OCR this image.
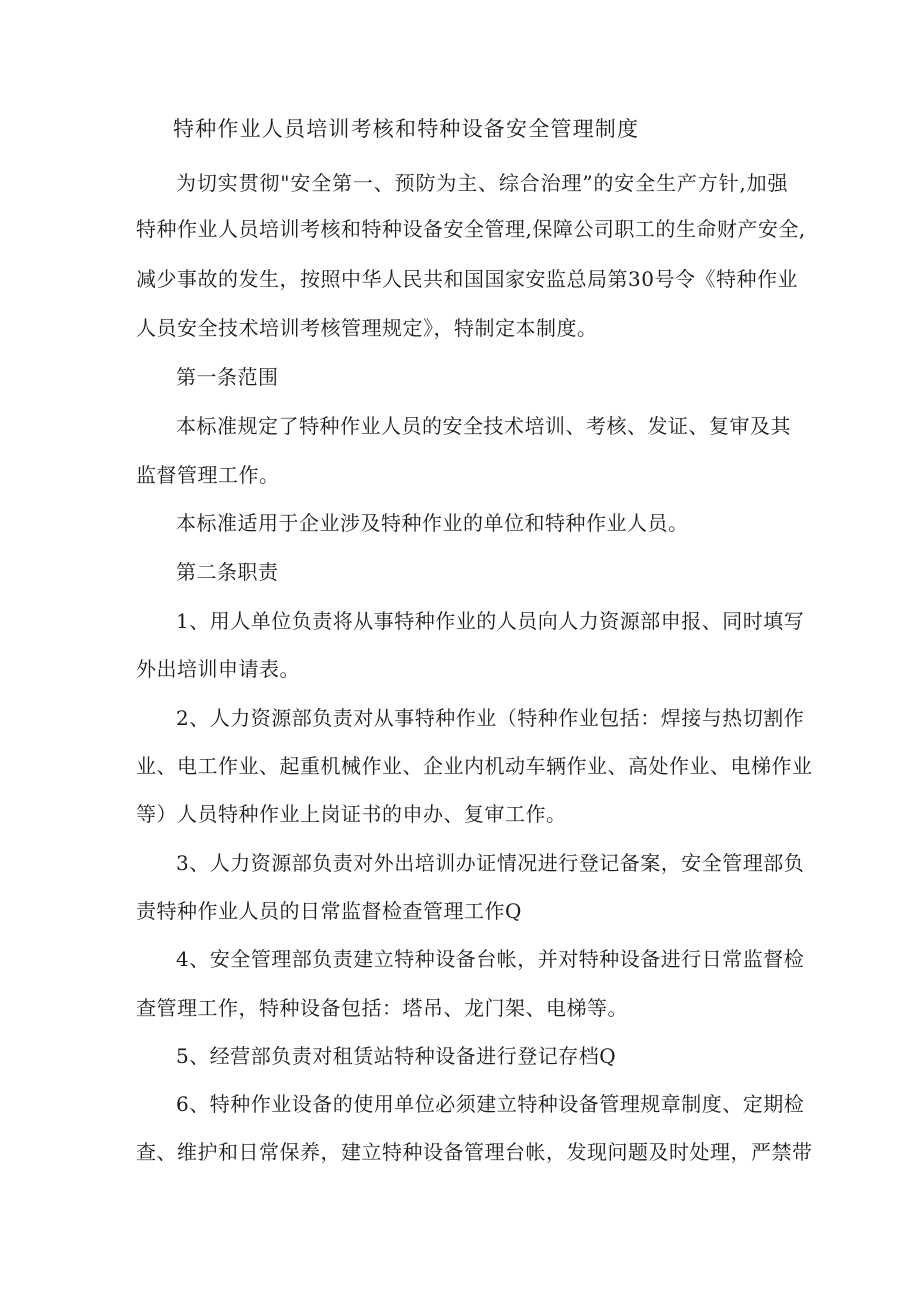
特种作业人员培训考核和特种设备安全管理制度
为切实贯彻"安全第一、预防为主、综合治理”的安全生产方针,加强
特种作业人员培训考核和特种设备安全管理,保障公司职工的生命财产安全,
减少事故的发生，按照中华人民共和国国家安监总局第30号令《特种作业
人员安全技术培训考核管理规定》，特制定本制度。
第一条范围
本标准规定了特种作业人员的安全技术培训、考核、发证、复审及其
监督管理工作。
本标准适用于企业涉及特种作业的单位和特种作业人员。
第二条职责
1、用人单位负责将从事特种作业的人员向人力资源部申报、同时填写
外出培训申请表。
2、人力资源部负责对从事特种作业（特种作业包括：焊接与热切割作
业、电工作业、起重机械作业、企业内机动车辆作业、高处作业、电梯作业
等）人员特种作业上岗证书的申办、复审工作。
3、人力资源部负责对外出培训办证情况进行登记备案，安全管理部负
责特种作业人员的日常监督检查管理工作Q
4、安全管理部负责建立特种设备台帐，并对特种设备进行日常监督检
查管理工作，特种设备包括：塔吊、龙门架、电梯等。
5、经营部负责对租赁站特种设备进行登记存档Q
6、特种作业设备的使用单位必须建立特种设备管理规章制度、定期检
查、维护和日常保养，建立特种设备管理台帐，发现问题及时处理，严禁带
